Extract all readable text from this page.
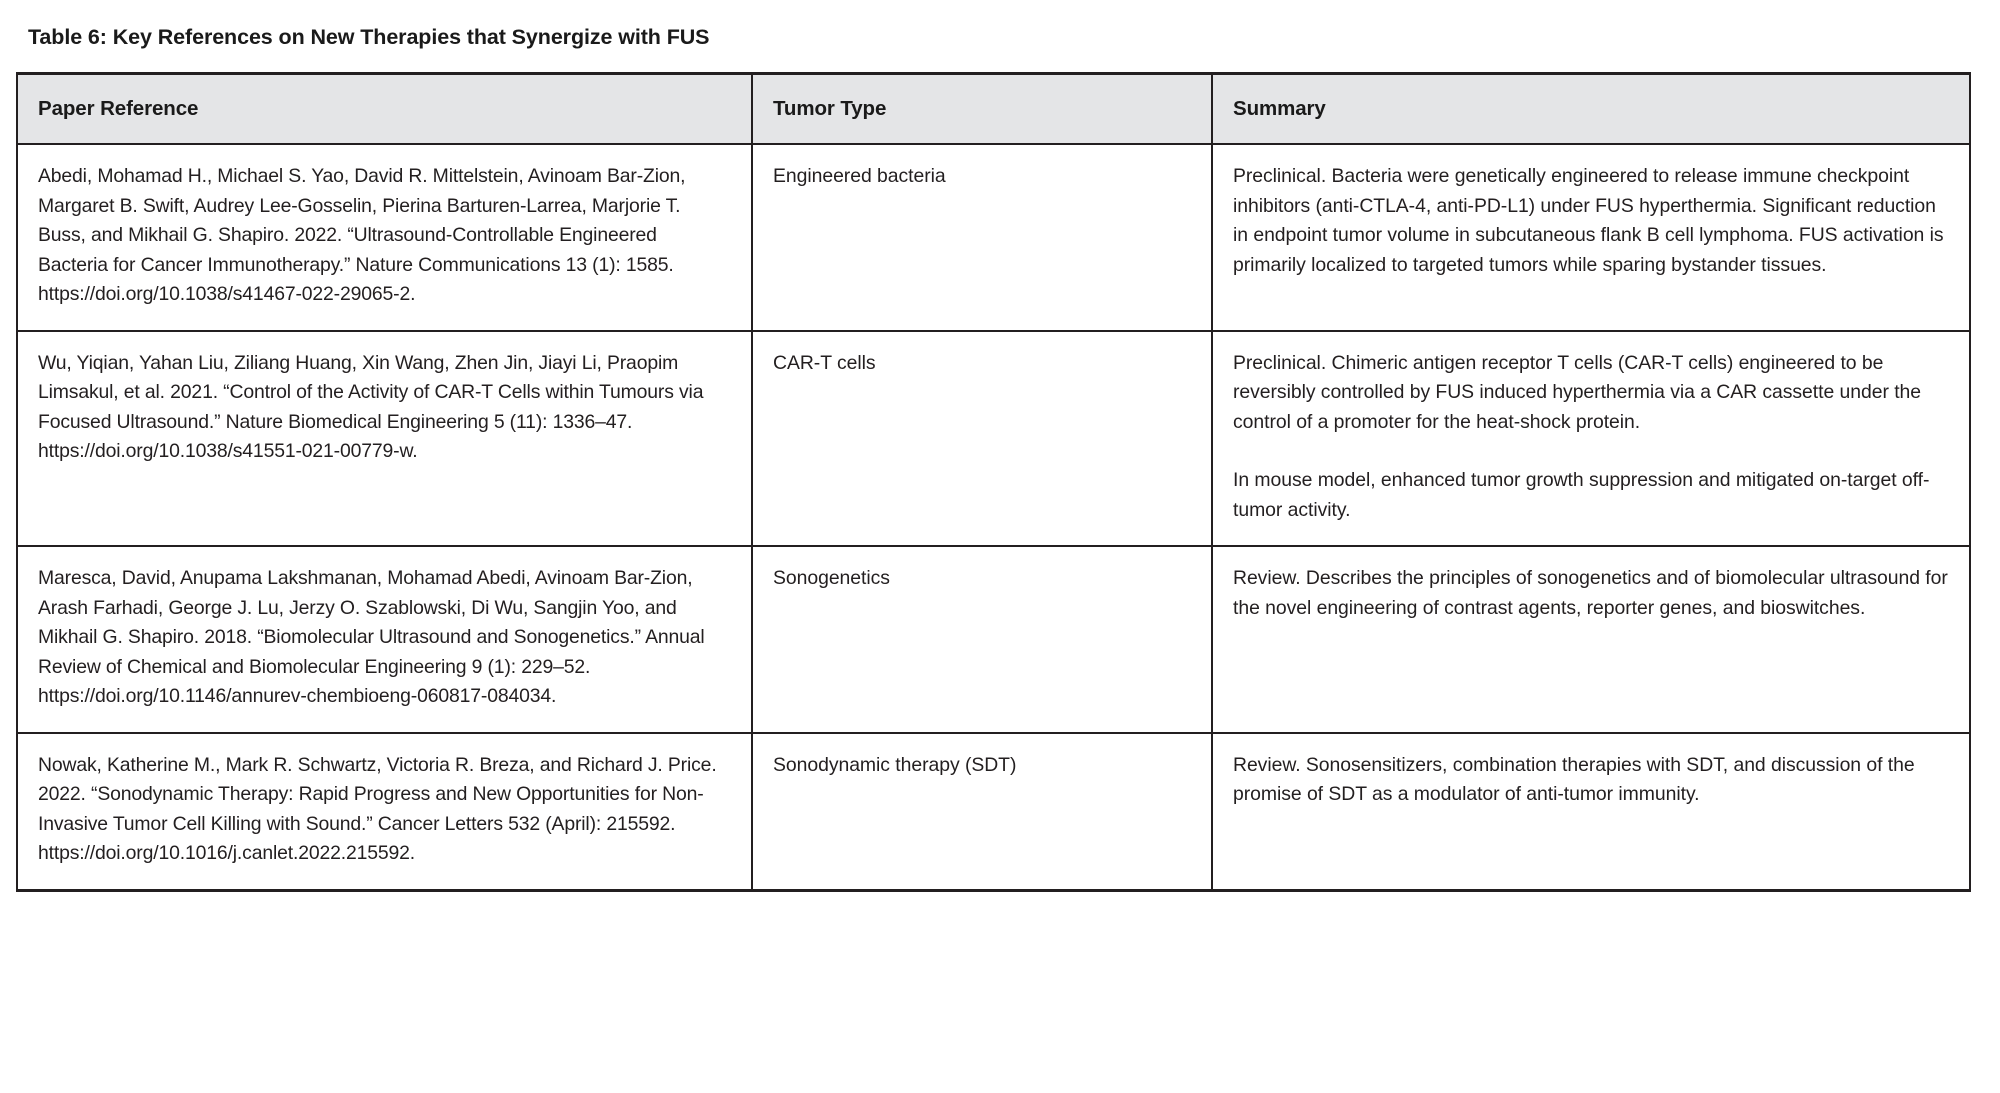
Table 6: Key References on New Therapies that Synergize with FUS
Paper Reference	Tumor Type	Summary
Abedi, Mohamad H., Michael S. Yao, David R. Mittelstein, Avinoam Bar-Zion, Margaret B. Swift, Audrey Lee-Gosselin, Pierina Barturen-Larrea, Marjorie T. Buss, and Mikhail G. Shapiro. 2022. “Ultrasound-Controllable Engineered Bacteria for Cancer Immunotherapy.” Nature Communications 13 (1): 1585. https://doi.org/10.1038/s41467-022-29065-2.	Engineered bacteria	Preclinical. Bacteria were genetically engineered to release immune checkpoint inhibitors (anti-CTLA-4, anti-PD-L1) under FUS hyperthermia. Significant reduction in endpoint tumor volume in subcutaneous flank B cell lymphoma. FUS activation is primarily localized to targeted tumors while sparing bystander tissues.

Wu, Yiqian, Yahan Liu, Ziliang Huang, Xin Wang, Zhen Jin, Jiayi Li, Praopim Limsakul, et al. 2021. “Control of the Activity of CAR-T Cells within Tumours via Focused Ultrasound.” Nature Biomedical Engineering 5 (11): 1336–47. https://doi.org/10.1038/s41551-021-00779-w.	CAR-T cells	Preclinical. Chimeric antigen receptor T cells (CAR-T cells) engineered to be reversibly controlled by FUS induced hyperthermia via a CAR cassette under the control of a promoter for the heat-shock protein.

In mouse model, enhanced tumor growth suppression and mitigated on-target off-tumor activity.

Maresca, David, Anupama Lakshmanan, Mohamad Abedi, Avinoam Bar-Zion, Arash Farhadi, George J. Lu, Jerzy O. Szablowski, Di Wu, Sangjin Yoo, and Mikhail G. Shapiro. 2018. “Biomolecular Ultrasound and Sonogenetics.” Annual Review of Chemical and Biomolecular Engineering 9 (1): 229–52. https://doi.org/10.1146/annurev-chembioeng-060817-084034.	Sonogenetics	Review. Describes the principles of sonogenetics and of biomolecular ultrasound for the novel engineering of contrast agents, reporter genes, and bioswitches.

Nowak, Katherine M., Mark R. Schwartz, Victoria R. Breza, and Richard J. Price. 2022. “Sonodynamic Therapy: Rapid Progress and New Opportunities for Non-Invasive Tumor Cell Killing with Sound.” Cancer Letters 532 (April): 215592. https://doi.org/10.1016/j.canlet.2022.215592.	Sonodynamic therapy (SDT)	Review. Sonosensitizers, combination therapies with SDT, and discussion of the promise of SDT as a modulator of anti-tumor immunity.
